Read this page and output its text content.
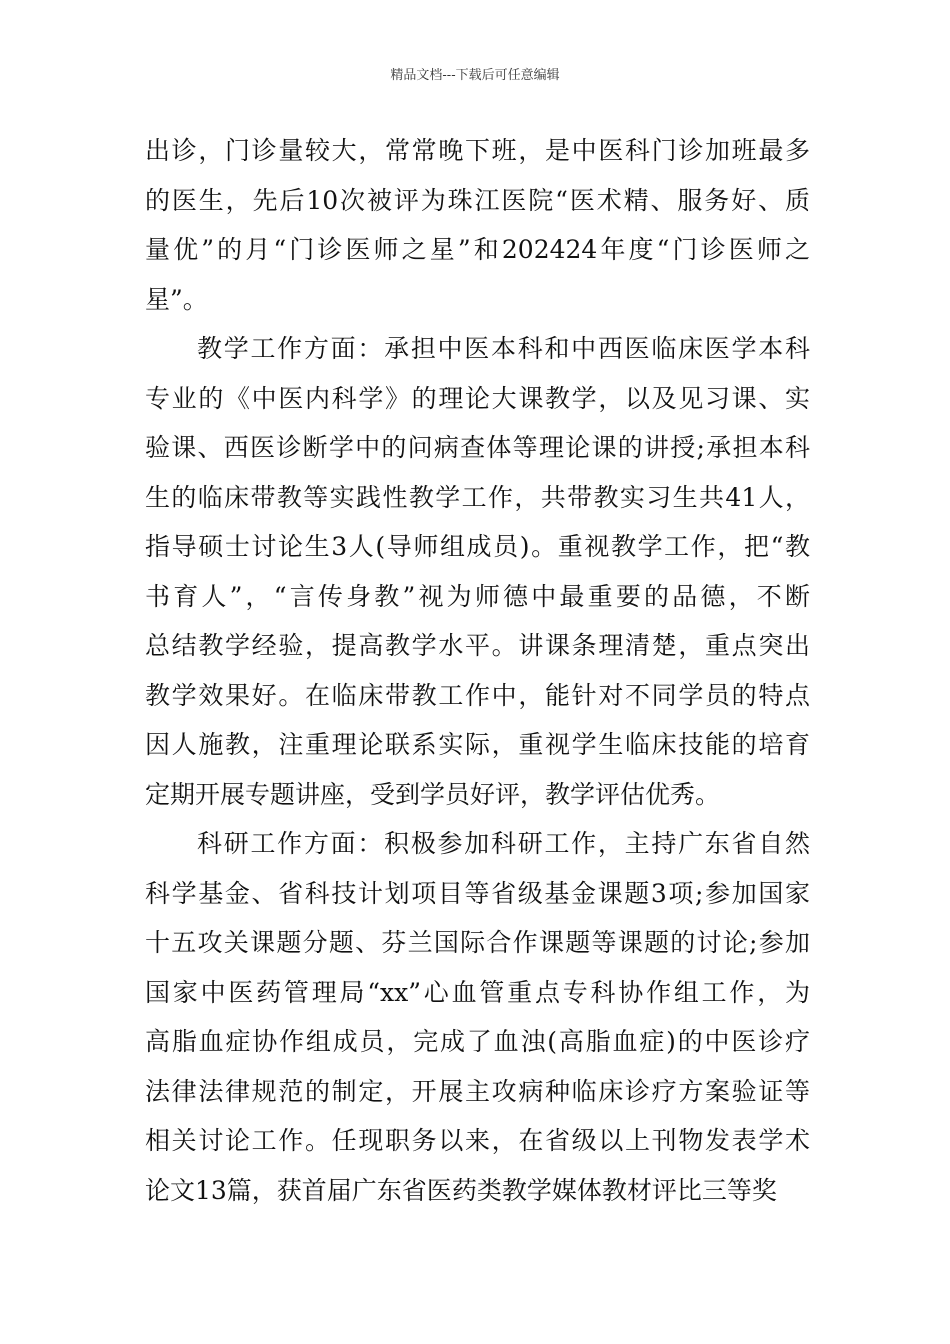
精品文档---下载后可任意编辑
出诊，门诊量较大，常常晚下班，是中医科门诊加班最多
的医生，先后10次被评为珠江医院“医术精、服务好、质
量优”的月“门诊医师之星”和202424年度“门诊医师之
星”。
教学工作方面：承担中医本科和中西医临床医学本科
专业的《中医内科学》的理论大课教学，以及见习课、实
验课、西医诊断学中的问病查体等理论课的讲授;承担本科
生的临床带教等实践性教学工作，共带教实习生共41人，
指导硕士讨论生3人(导师组成员)。重视教学工作，把“教
书育人”，“言传身教”视为师德中最重要的品德，不断
总结教学经验，提高教学水平。讲课条理清楚，重点突出
教学效果好。在临床带教工作中，能针对不同学员的特点
因人施教，注重理论联系实际，重视学生临床技能的培育
定期开展专题讲座，受到学员好评，教学评估优秀。
科研工作方面：积极参加科研工作，主持广东省自然
科学基金、省科技计划项目等省级基金课题3项;参加国家
十五攻关课题分题、芬兰国际合作课题等课题的讨论;参加
国家中医药管理局“xx”心血管重点专科协作组工作，为
高脂血症协作组成员，完成了血浊(高脂血症)的中医诊疗
法律法律规范的制定，开展主攻病种临床诊疗方案验证等
相关讨论工作。任现职务以来，在省级以上刊物发表学术
论文13篇，获首届广东省医药类教学媒体教材评比三等奖
